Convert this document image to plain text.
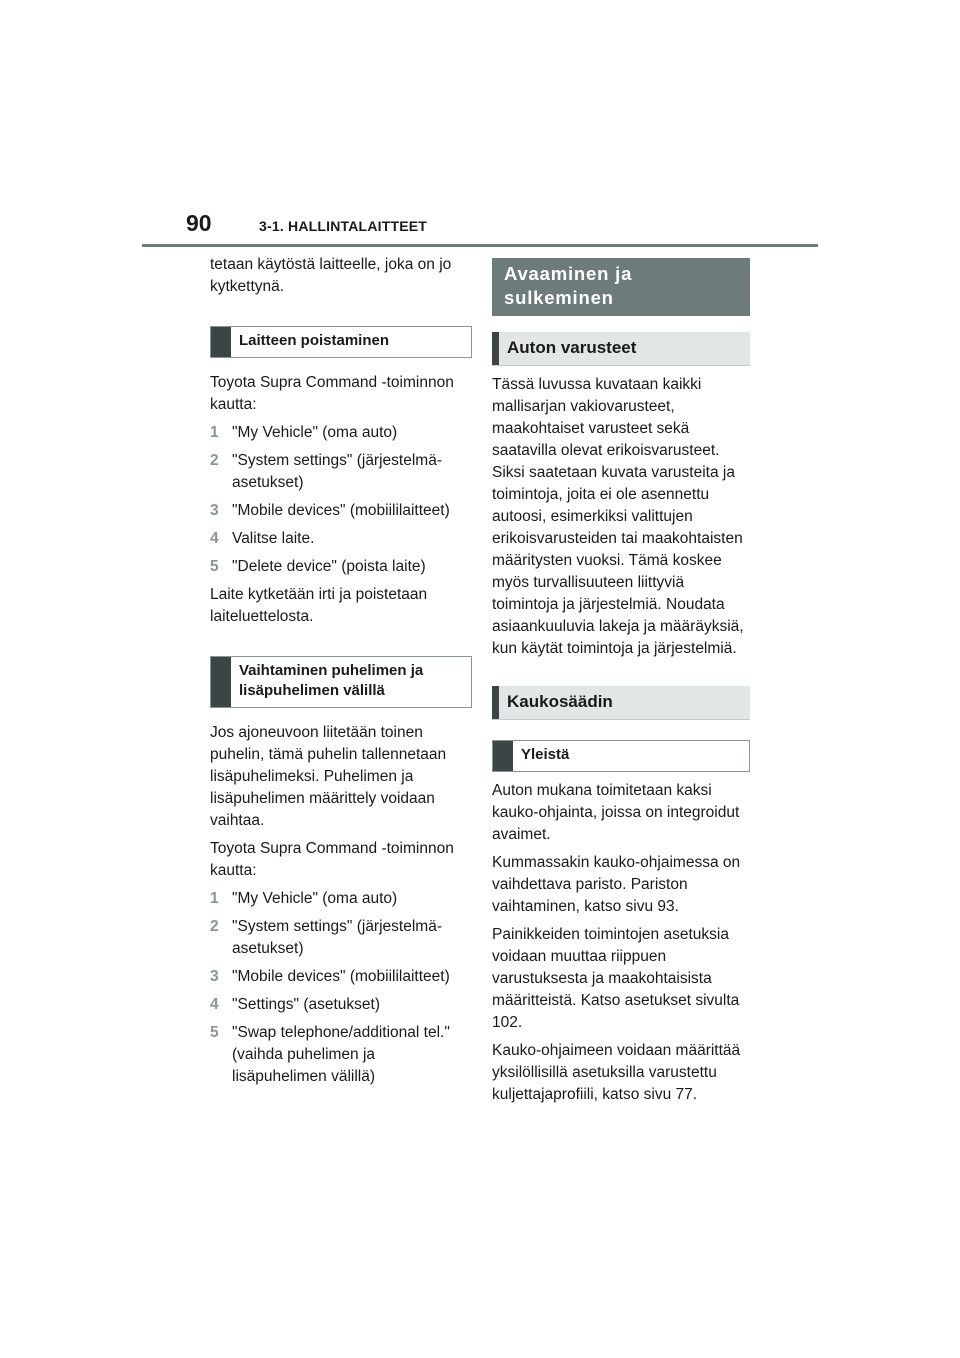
90	3-1. HALLINTALAITTEET

tetaan käytöstä laitteelle, joka on jo kytkettynä.

Laitteen poistaminen

Toyota Supra Command -toiminnon kautta:

1 "My Vehicle" (oma auto)
2 "System settings" (järjestelmä-asetukset)
3 "Mobile devices" (mobiililaitteet)
4 Valitse laite.
5 "Delete device" (poista laite)

Laite kytketään irti ja poistetaan laiteluettelosta.

Vaihtaminen puhelimen ja lisäpuhelimen välillä

Jos ajoneuvoon liitetään toinen puhelin, tämä puhelin tallennetaan lisäpuhelimeksi. Puhelimen ja lisäpuhelimen määrittely voidaan vaihtaa.

Toyota Supra Command -toiminnon kautta:

1 "My Vehicle" (oma auto)
2 "System settings" (järjestelmä-asetukset)
3 "Mobile devices" (mobiililaitteet)
4 "Settings" (asetukset)
5 "Swap telephone/additional tel." (vaihda puhelimen ja lisäpuhelimen välillä)
Avaaminen ja sulkeminen
Auton varusteet

Tässä luvussa kuvataan kaikki mallisarjan vakiovarusteet, maakohtaiset varusteet sekä saatavilla olevat erikoisvarusteet. Siksi saatetaan kuvata varusteita ja toimintoja, joita ei ole asennettu autoosi, esimerkiksi valittujen erikoisvarusteiden tai maakohtaisten määritysten vuoksi. Tämä koskee myös turvallisuuteen liittyviä toimintoja ja järjestelmiä. Noudata asiaankuuluvia lakeja ja määräyksiä, kun käytät toimintoja ja järjestelmiä.

Kaukosäädin
Yleistä

Auton mukana toimitetaan kaksi kauko-ohjainta, joissa on integroidut avaimet.

Kummassakin kauko-ohjaimessa on vaihdettava paristo. Pariston vaihtaminen, katso sivu 93.

Painikkeiden toimintojen asetuksia voidaan muuttaa riippuen varustuksesta ja maakohtaisista määritteistä. Katso asetukset sivulta 102.

Kauko-ohjaimeen voidaan määrittää yksilöllisillä asetuksilla varustettu kuljettajaprofiili, katso sivu 77.
